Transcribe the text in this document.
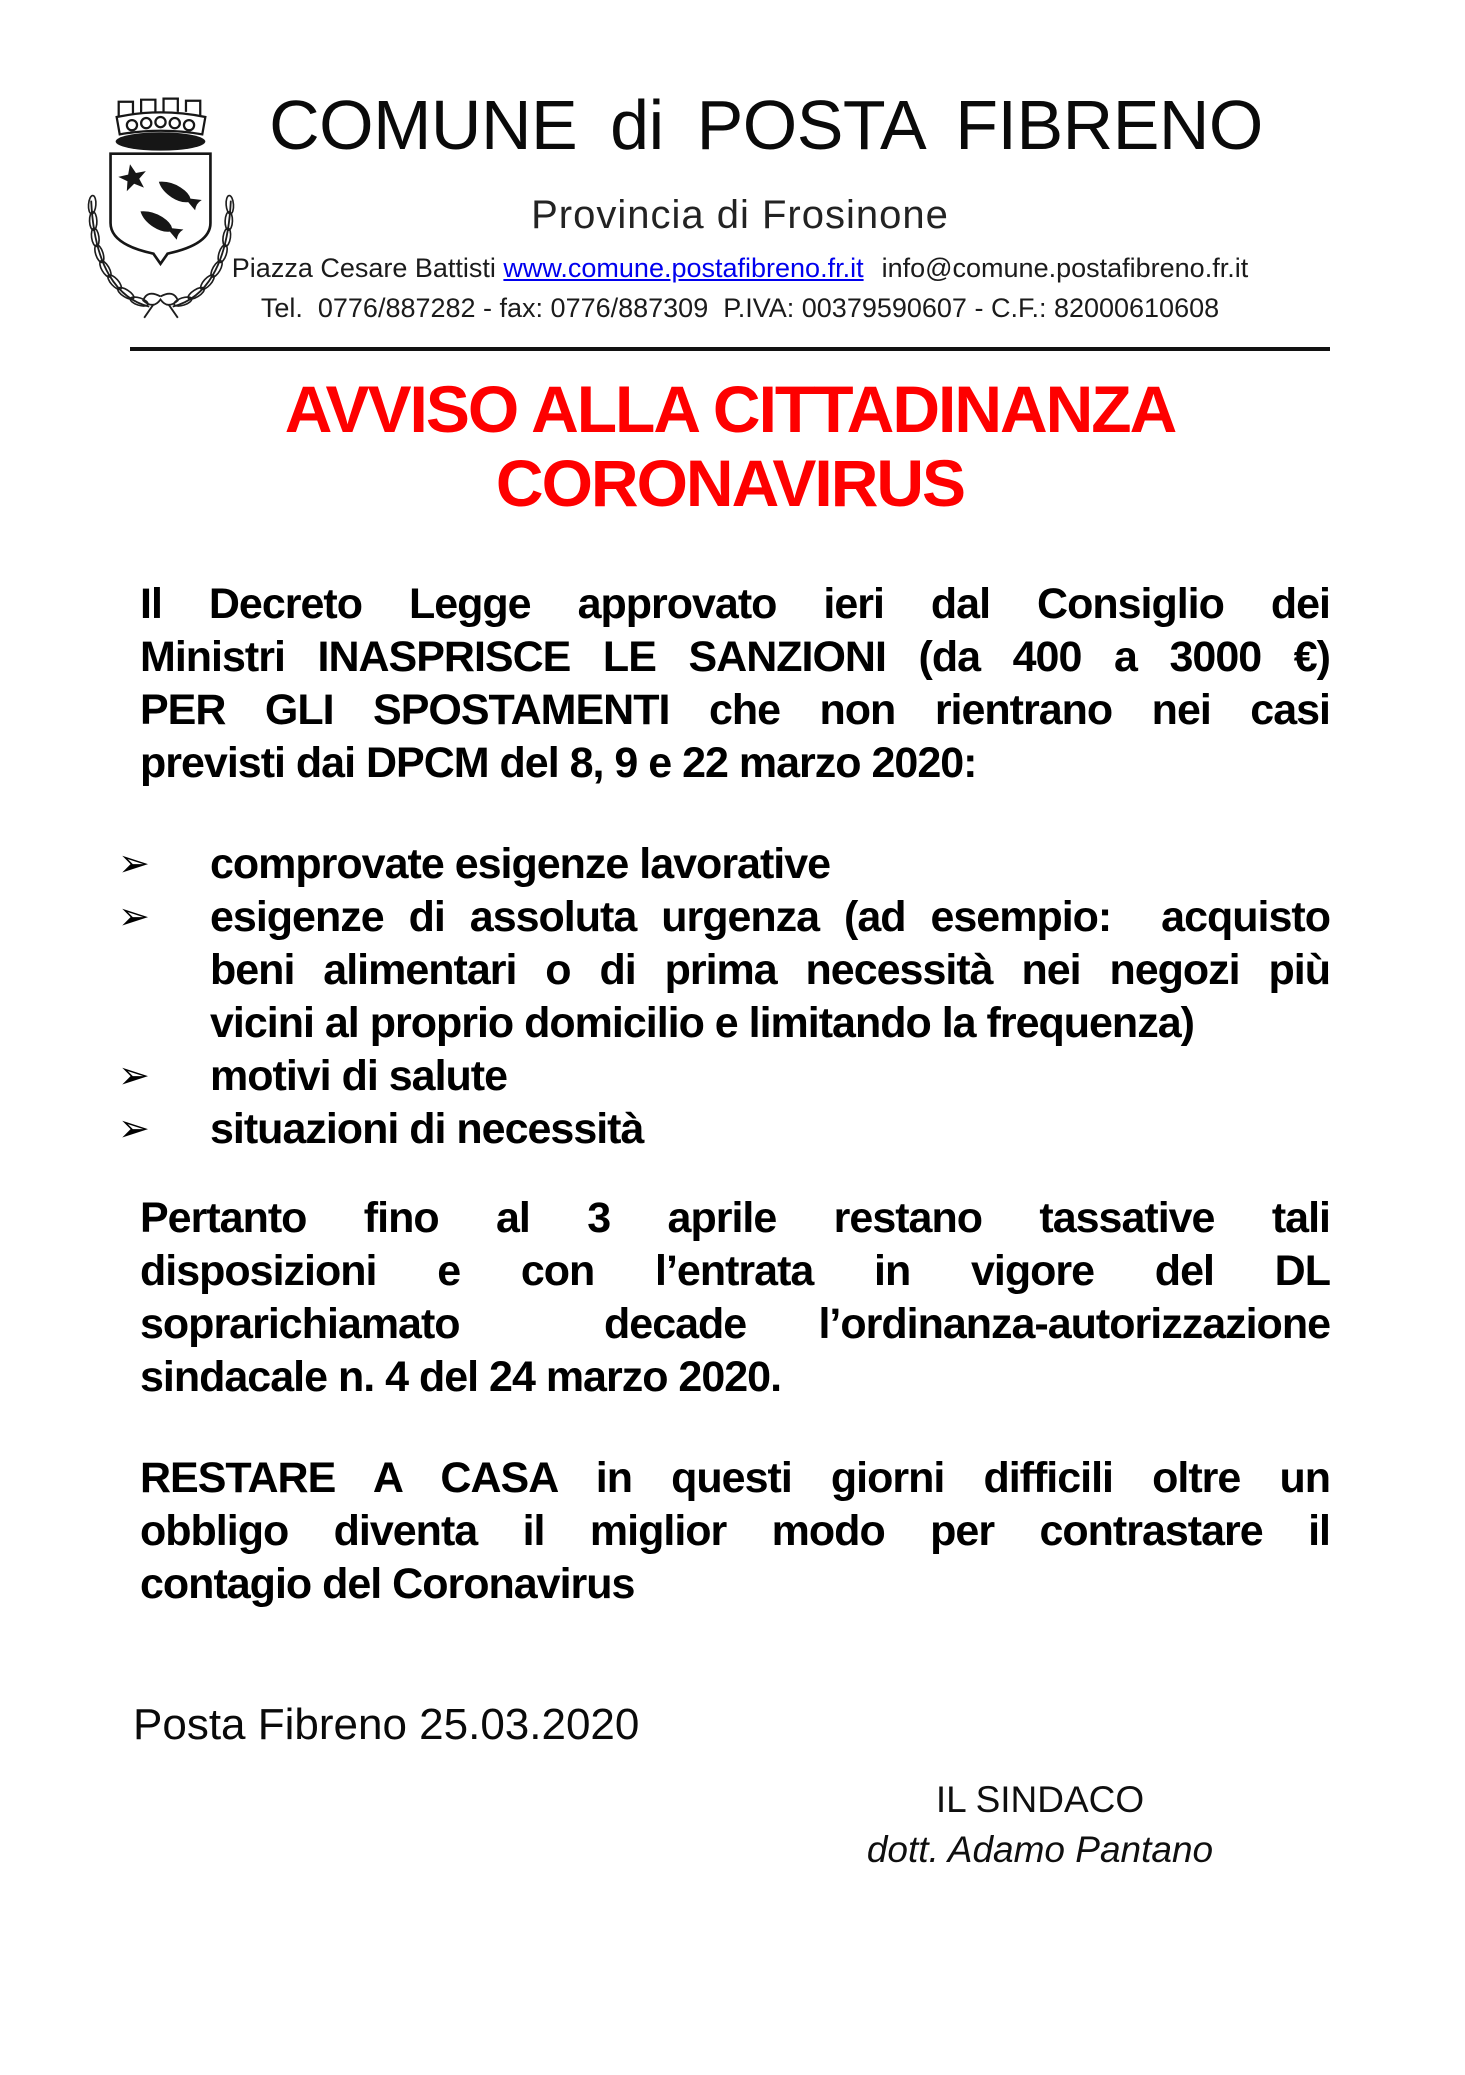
COMUNE di POSTA FIBRENO
Provincia di Frosinone
Piazza Cesare Battisti www.comune.postafibreno.fr.it info@comune.postafibreno.fr.it
Tel.  0776/887282 - fax: 0776/887309  P.IVA: 00379590607 - C.F.: 82000610608
AVVISO ALLA CITTADINANZA
CORONAVIRUS
Il Decreto Legge approvato ieri dal Consiglio dei
Ministri INASPRISCE LE SANZIONI (da 400 a 3000 €)
PER GLI SPOSTAMENTI che non rientrano nei casi
previsti dai DPCM del 8, 9 e 22 marzo 2020:
➢	comprovate esigenze lavorative
➢	esigenze di assoluta urgenza (ad esempio:  acquisto
beni alimentari o di prima necessità nei negozi più
vicini al proprio domicilio e limitando la frequenza)
➢	motivi di salute
➢	situazioni di necessità
Pertanto fino al 3 aprile restano tassative tali
disposizioni e con l’entrata in vigore del DL
soprarichiamato  decade l’ordinanza-autorizzazione
sindacale n. 4 del 24 marzo 2020.
RESTARE A CASA in questi giorni difficili oltre un
obbligo diventa il miglior modo per contrastare il
contagio del Coronavirus
Posta Fibreno 25.03.2020
IL SINDACO
dott. Adamo Pantano
